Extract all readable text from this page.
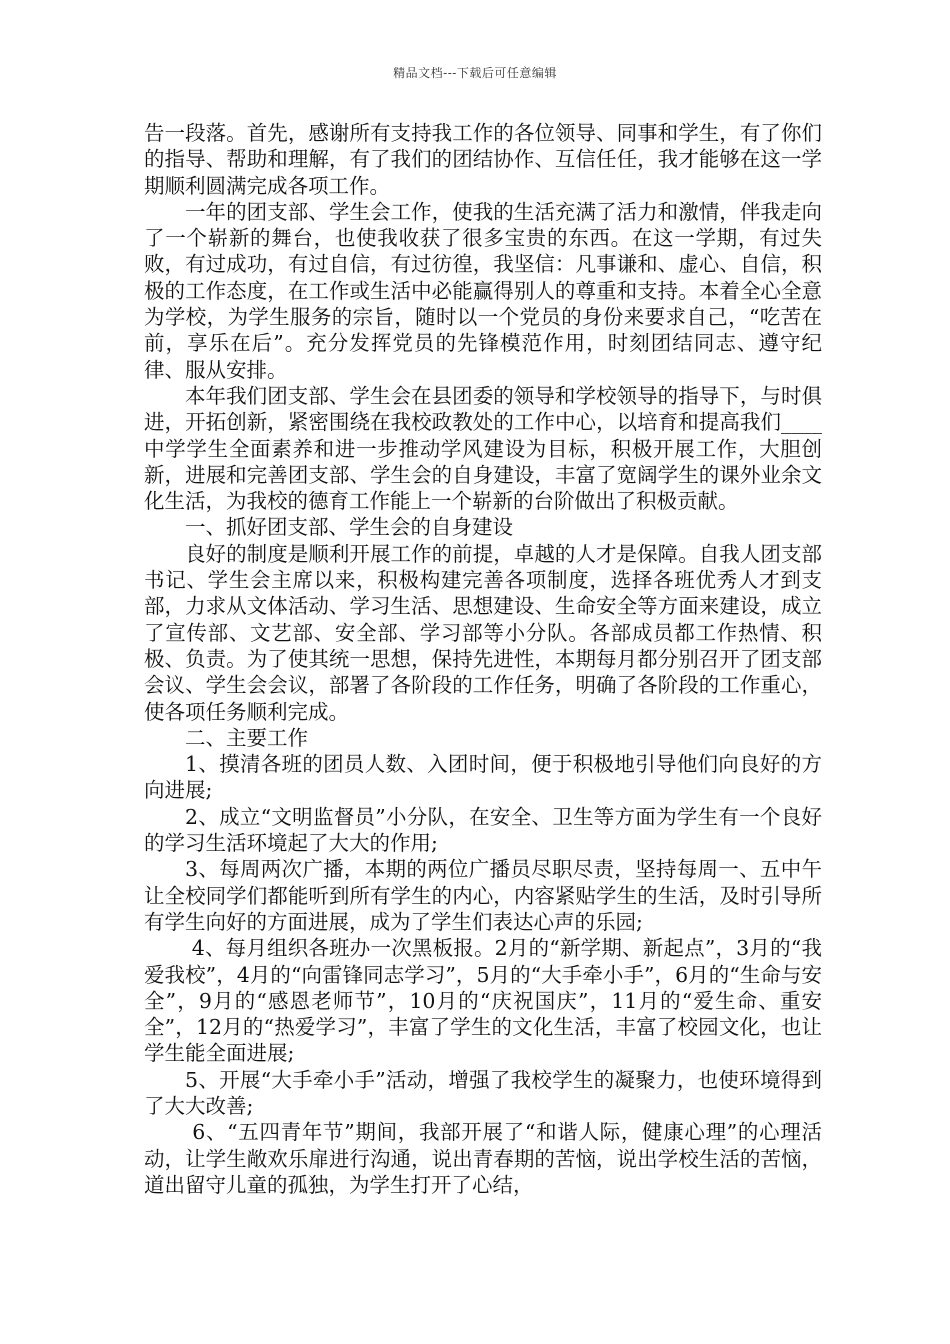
精品文档---下载后可任意编辑

告一段落。首先，感谢所有支持我工作的各位领导、同事和学生，有了你们的指导、帮助和理解，有了我们的团结协作、互信任任，我才能够在这一学期顺利圆满完成各项工作。

一年的团支部、学生会工作，使我的生活充满了活力和激情，伴我走向了一个崭新的舞台，也使我收获了很多宝贵的东西。在这一学期，有过失败，有过成功，有过自信，有过彷徨，我坚信：凡事谦和、虚心、自信，积极的工作态度，在工作或生活中必能赢得别人的尊重和支持。本着全心全意为学校，为学生服务的宗旨，随时以一个党员的身份来要求自己，“吃苦在前，享乐在后”。充分发挥党员的先锋模范作用，时刻团结同志、遵守纪律、服从安排。

本年我们团支部、学生会在县团委的领导和学校领导的指导下，与时俱进，开拓创新，紧密围绕在我校政教处的工作中心，以培育和提高我们____中学学生全面素养和进一步推动学风建设为目标，积极开展工作，大胆创新，进展和完善团支部、学生会的自身建设，丰富了宽阔学生的课外业余文化生活，为我校的德育工作能上一个崭新的台阶做出了积极贡献。

一、抓好团支部、学生会的自身建设

良好的制度是顺利开展工作的前提，卓越的人才是保障。自我人团支部书记、学生会主席以来，积极构建完善各项制度，选择各班优秀人才到支部，力求从文体活动、学习生活、思想建设、生命安全等方面来建设，成立了宣传部、文艺部、安全部、学习部等小分队。各部成员都工作热情、积极、负责。为了使其统一思想，保持先进性，本期每月都分别召开了团支部会议、学生会会议，部署了各阶段的工作任务，明确了各阶段的工作重心，使各项任务顺利完成。

二、主要工作

1、摸清各班的团员人数、入团时间，便于积极地引导他们向良好的方向进展;

2、成立“文明监督员”小分队，在安全、卫生等方面为学生有一个良好的学习生活环境起了大大的作用;

3、每周两次广播，本期的两位广播员尽职尽责，坚持每周一、五中午让全校同学们都能听到所有学生的内心，内容紧贴学生的生活，及时引导所有学生向好的方面进展，成为了学生们表达心声的乐园;

4、每月组织各班办一次黑板报。2月的“新学期、新起点”，3月的“我爱我校”，4月的“向雷锋同志学习”，5月的“大手牵小手”，6月的“生命与安全”，9月的“感恩老师节”，10月的“庆祝国庆”，11月的“爱生命、重安全”，12月的“热爱学习”，丰富了学生的文化生活，丰富了校园文化，也让学生能全面进展;

5、开展“大手牵小手”活动，增强了我校学生的凝聚力，也使环境得到了大大改善;

6、“五四青年节”期间，我部开展了“和谐人际，健康心理”的心理活动，让学生敞欢乐扉进行沟通，说出青春期的苦恼，说出学校生活的苦恼，道出留守儿童的孤独，为学生打开了心结，
